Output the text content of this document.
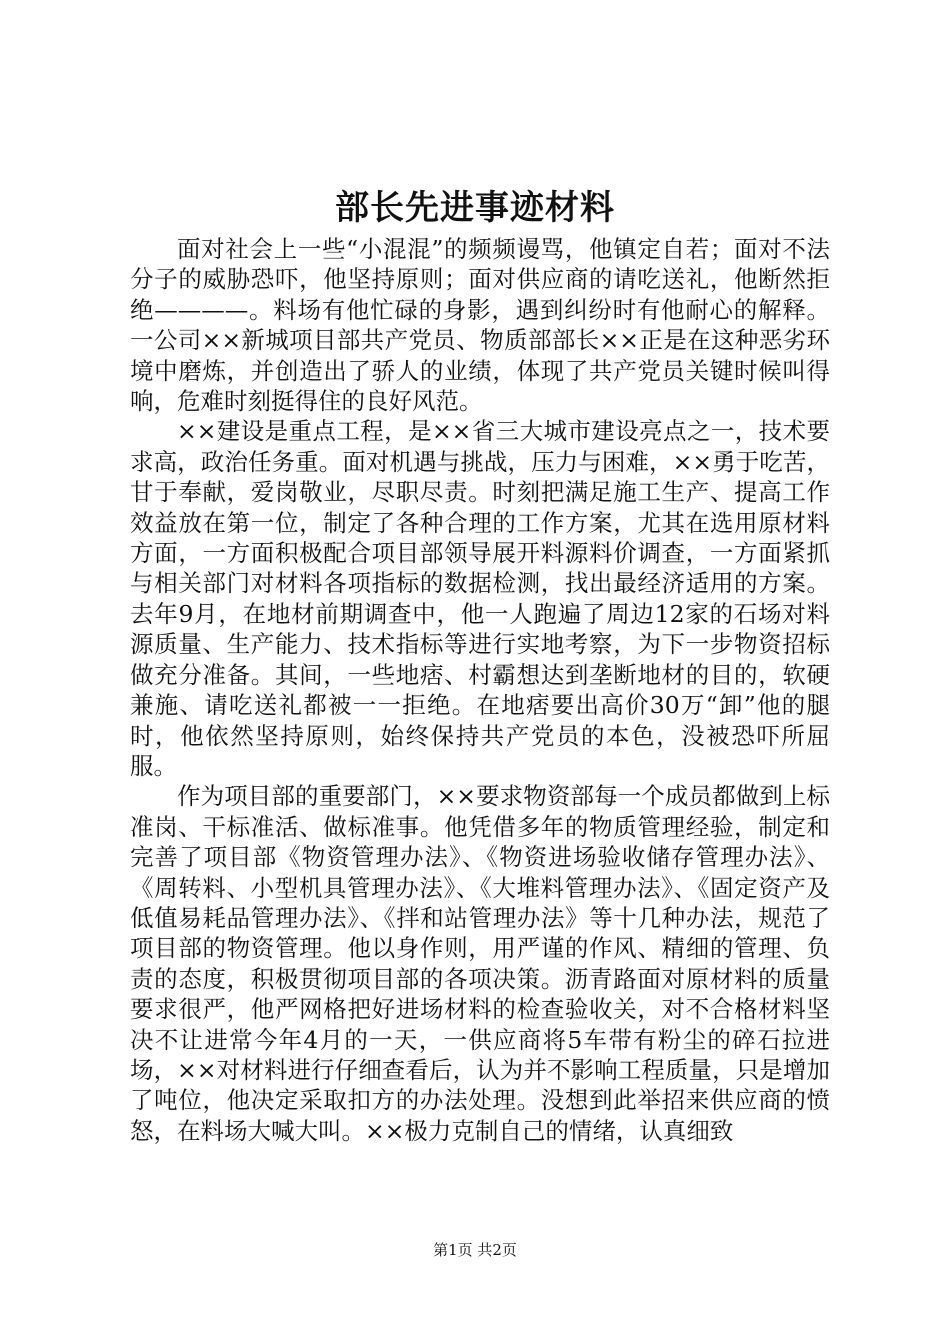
部长先进事迹材料

面对社会上一些“小混混”的频频谩骂，他镇定自若；面对不法分子的威胁恐吓，他坚持原则；面对供应商的请吃送礼，他断然拒绝————。料场有他忙碌的身影，遇到纠纷时有他耐心的解释。一公司××新城项目部共产党员、物质部部长××正是在这种恶劣环境中磨炼，并创造出了骄人的业绩，体现了共产党员关键时候叫得响，危难时刻挺得住的良好风范。

××建设是重点工程，是××省三大城市建设亮点之一，技术要求高，政治任务重。面对机遇与挑战，压力与困难，××勇于吃苦，甘于奉献，爱岗敬业，尽职尽责。时刻把满足施工生产、提高工作效益放在第一位，制定了各种合理的工作方案，尤其在选用原材料方面，一方面积极配合项目部领导展开料源料价调查，一方面紧抓与相关部门对材料各项指标的数据检测，找出最经济适用的方案。去年9月，在地材前期调查中，他一人跑遍了周边12家的石场对料源质量、生产能力、技术指标等进行实地考察，为下一步物资招标做充分准备。其间，一些地痞、村霸想达到垄断地材的目的，软硬兼施、请吃送礼都被一一拒绝。在地痞要出高价30万“卸”他的腿时，他依然坚持原则，始终保持共产党员的本色，没被恐吓所屈服。

作为项目部的重要部门，××要求物资部每一个成员都做到上标准岗、干标准活、做标准事。他凭借多年的物质管理经验，制定和完善了项目部《物资管理办法》、《物资进场验收储存管理办法》、《周转料、小型机具管理办法》、《大堆料管理办法》、《固定资产及低值易耗品管理办法》、《拌和站管理办法》等十几种办法，规范了项目部的物资管理。他以身作则，用严谨的作风、精细的管理、负责的态度，积极贯彻项目部的各项决策。沥青路面对原材料的质量要求很严，他严网格把好进场材料的检查验收关，对不合格材料坚决不让进常今年4月的一天，一供应商将5车带有粉尘的碎石拉进场，××对材料进行仔细查看后，认为并不影响工程质量，只是增加了吨位，他决定采取扣方的办法处理。没想到此举招来供应商的愤怒，在料场大喊大叫。××极力克制自己的情绪，认真细致

第1页 共2页
